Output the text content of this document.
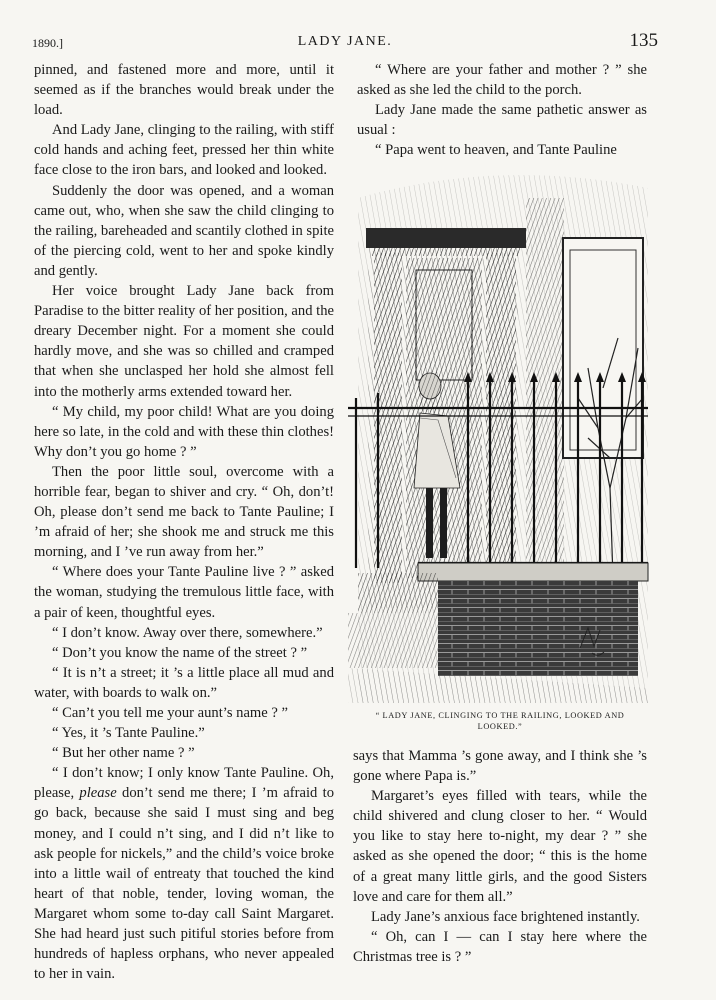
1890.]	LADY JANE.	135

pinned, and fastened more and more, until it seemed as if the branches would break under the load.

And Lady Jane, clinging to the railing, with stiff cold hands and aching feet, pressed her thin white face close to the iron bars, and looked and looked.

Suddenly the door was opened, and a woman came out, who, when she saw the child clinging to the railing, bareheaded and scantily clothed in spite of the piercing cold, went to her and spoke kindly and gently.

Her voice brought Lady Jane back from Paradise to the bitter reality of her position, and the dreary December night. For a moment she could hardly move, and she was so chilled and cramped that when she unclasped her hold she almost fell into the motherly arms extended toward her.

“ My child, my poor child! What are you doing here so late, in the cold and with these thin clothes! Why don’t you go home ? ”

Then the poor little soul, overcome with a horrible fear, began to shiver and cry. “ Oh, don’t! Oh, please don’t send me back to Tante Pauline; I ’m afraid of her; she shook me and struck me this morning, and I ’ve run away from her.”

“ Where does your Tante Pauline live ? ” asked the woman, studying the tremulous little face, with a pair of keen, thoughtful eyes.

“ I don’t know. Away over there, somewhere.”

“ Don’t you know the name of the street ? ”

“ It is n’t a street; it ’s a little place all mud and water, with boards to walk on.”

“ Can’t you tell me your aunt’s name ? ”

“ Yes, it ’s Tante Pauline.”

“ But her other name ? ”

“ I don’t know; I only know Tante Pauline. Oh, please, please don’t send me there; I ’m afraid to go back, because she said I must sing and beg money, and I could n’t sing, and I did n’t like to ask people for nickels,” and the child’s voice broke into a little wail of entreaty that touched the kind heart of that noble, tender, loving woman, the Margaret whom some to-day call Saint Margaret. She had heard just such pitiful stories before from hundreds of hapless orphans, who never appealed to her in vain.

“ Where are your father and mother ? ” she asked as she led the child to the porch.

Lady Jane made the same pathetic answer as usual :

“ Papa went to heaven, and Tante Pauline

“ LADY JANE, CLINGING TO THE RAILING, LOOKED AND LOOKED.”

says that Mamma ’s gone away, and I think she ’s gone where Papa is.”

Margaret’s eyes filled with tears, while the child shivered and clung closer to her. “ Would you like to stay here to-night, my dear ? ” she asked as she opened the door; “ this is the home of a great many little girls, and the good Sisters love and care for them all.”

Lady Jane’s anxious face brightened instantly.

“ Oh, can I — can I stay here where the Christmas tree is ? ”
